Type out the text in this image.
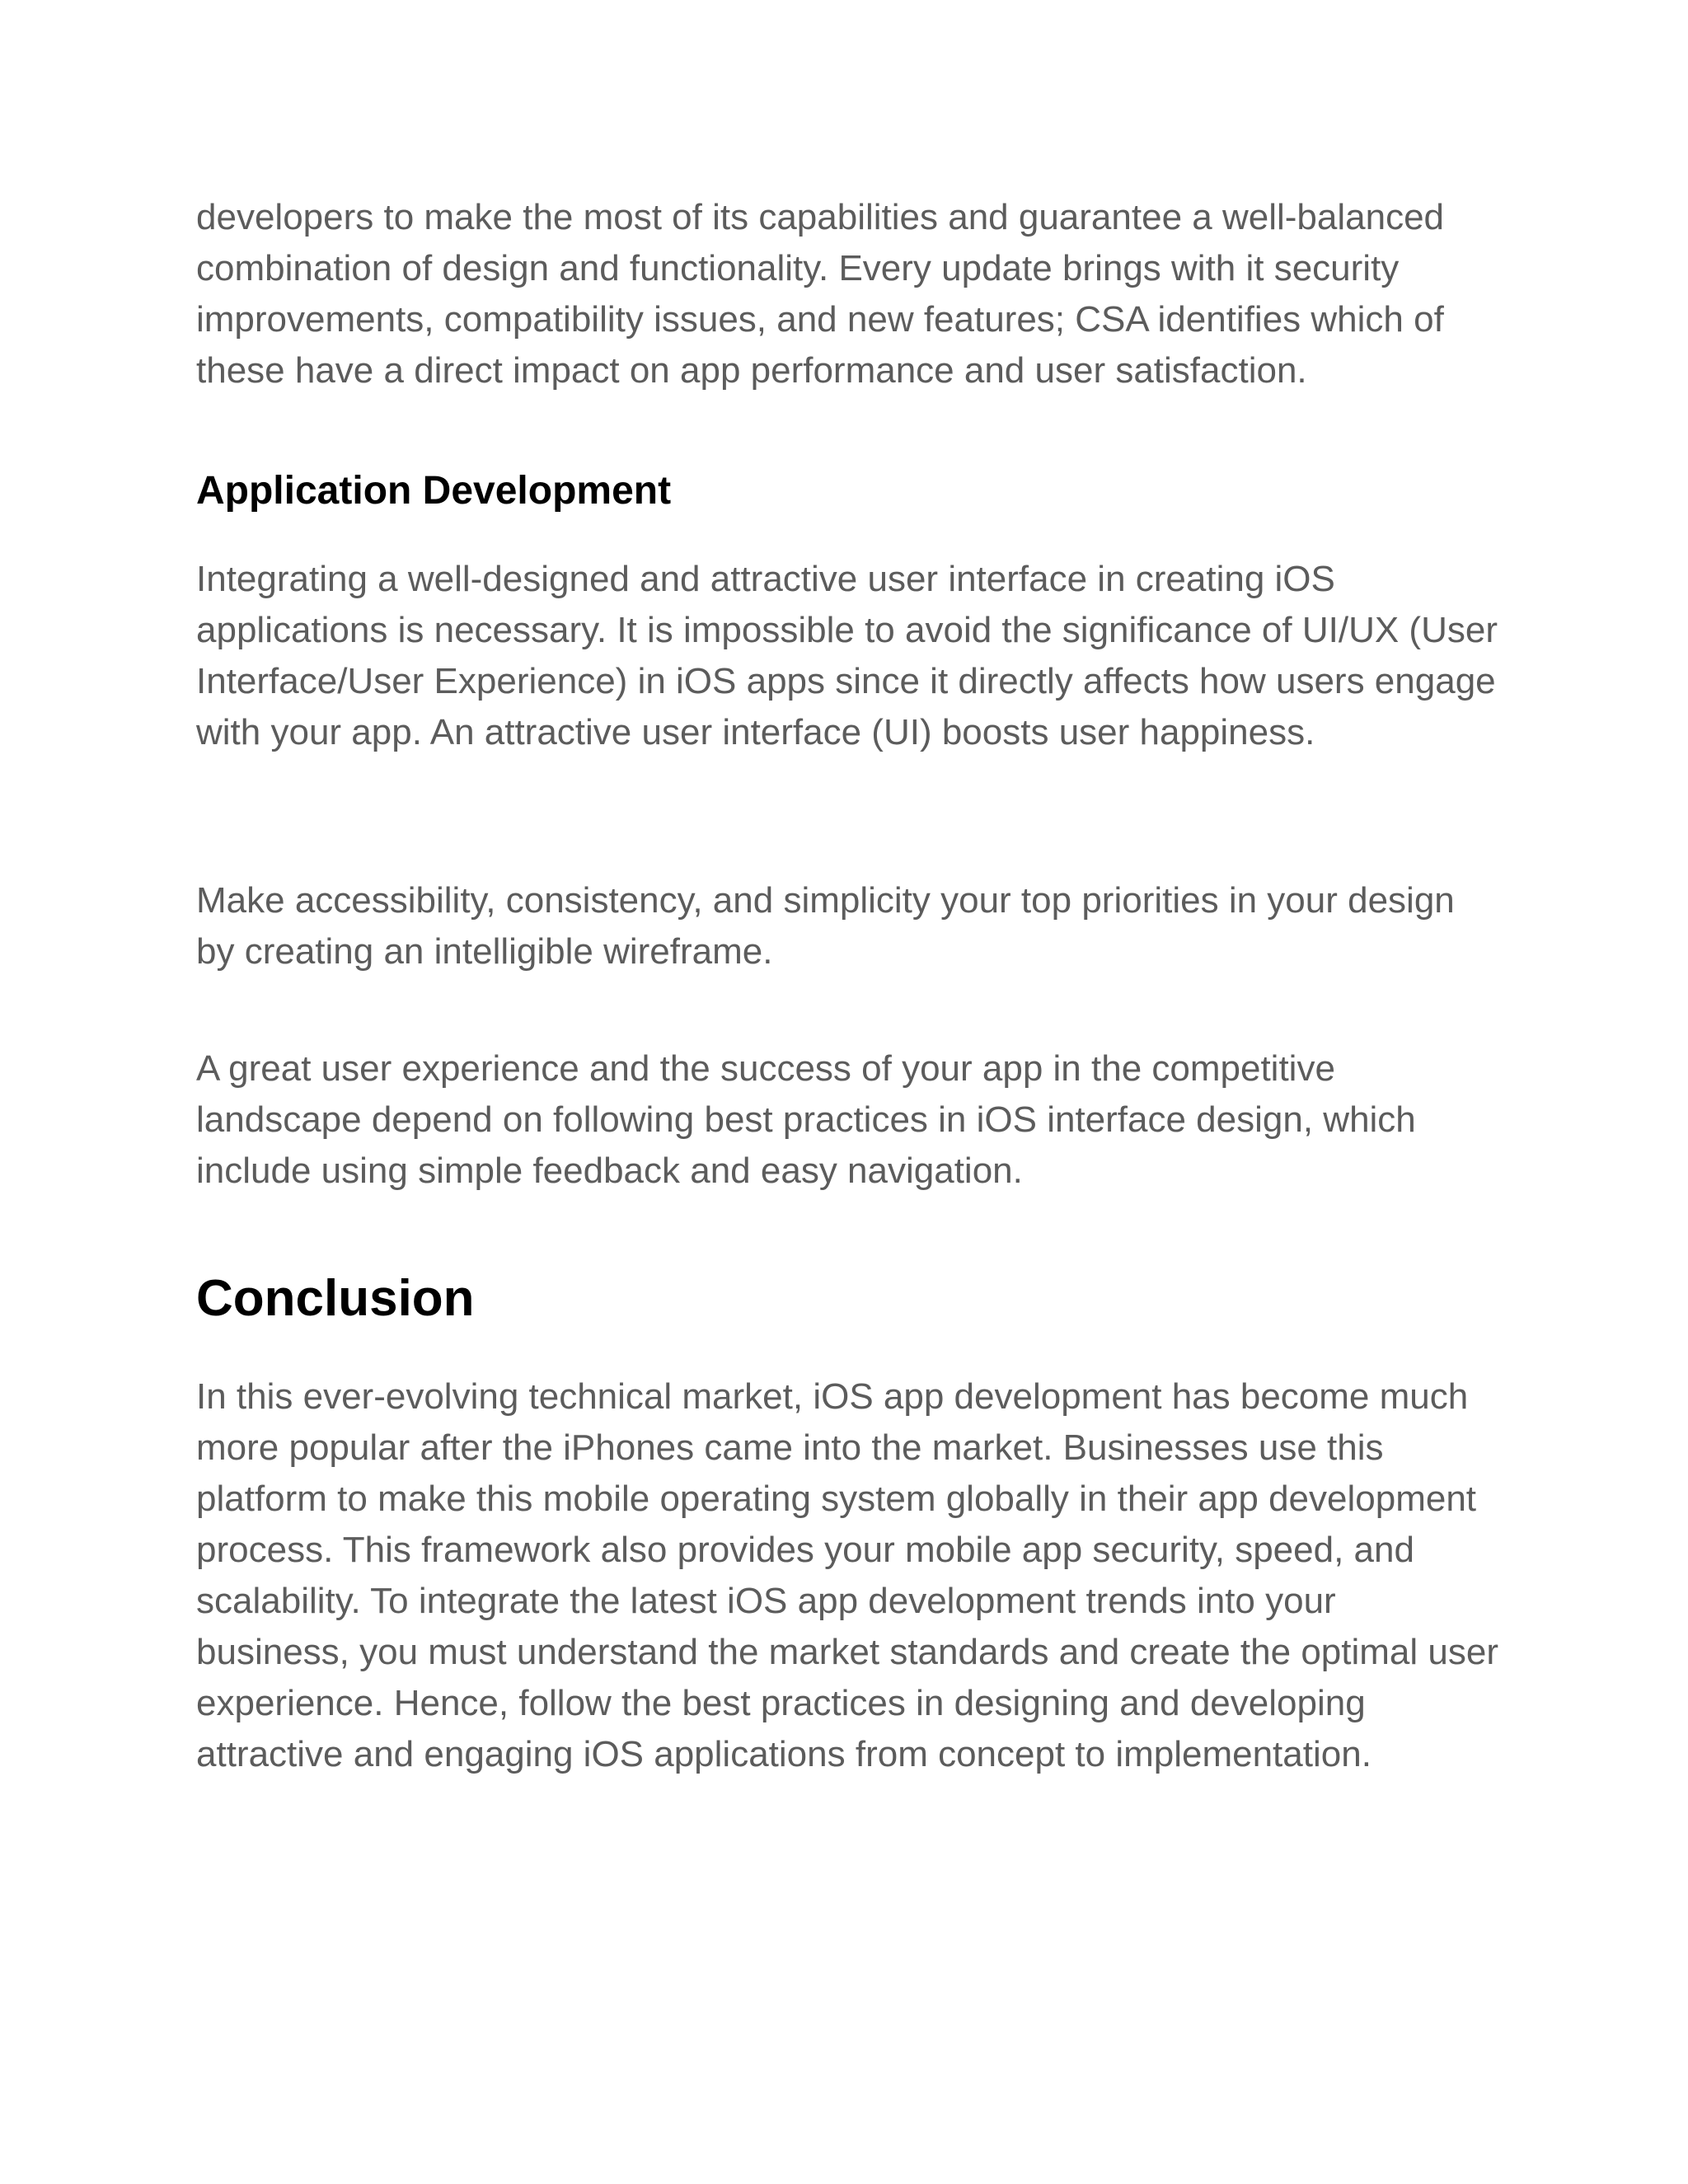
developers to make the most of its capabilities and guarantee a well-balanced combination of design and functionality. Every update brings with it security improvements, compatibility issues, and new features; CSA identifies which of these have a direct impact on app performance and user satisfaction.

Application Development

Integrating a well-designed and attractive user interface in creating iOS applications is necessary. It is impossible to avoid the significance of UI/UX (User Interface/User Experience) in iOS apps since it directly affects how users engage with your app. An attractive user interface (UI) boosts user happiness.

Make accessibility, consistency, and simplicity your top priorities in your design by creating an intelligible wireframe.

A great user experience and the success of your app in the competitive landscape depend on following best practices in iOS interface design, which include using simple feedback and easy navigation.

Conclusion

In this ever-evolving technical market, iOS app development has become much more popular after the iPhones came into the market. Businesses use this platform to make this mobile operating system globally in their app development process. This framework also provides your mobile app security, speed, and scalability. To integrate the latest iOS app development trends into your business, you must understand the market standards and create the optimal user experience. Hence, follow the best practices in designing and developing attractive and engaging iOS applications from concept to implementation.
